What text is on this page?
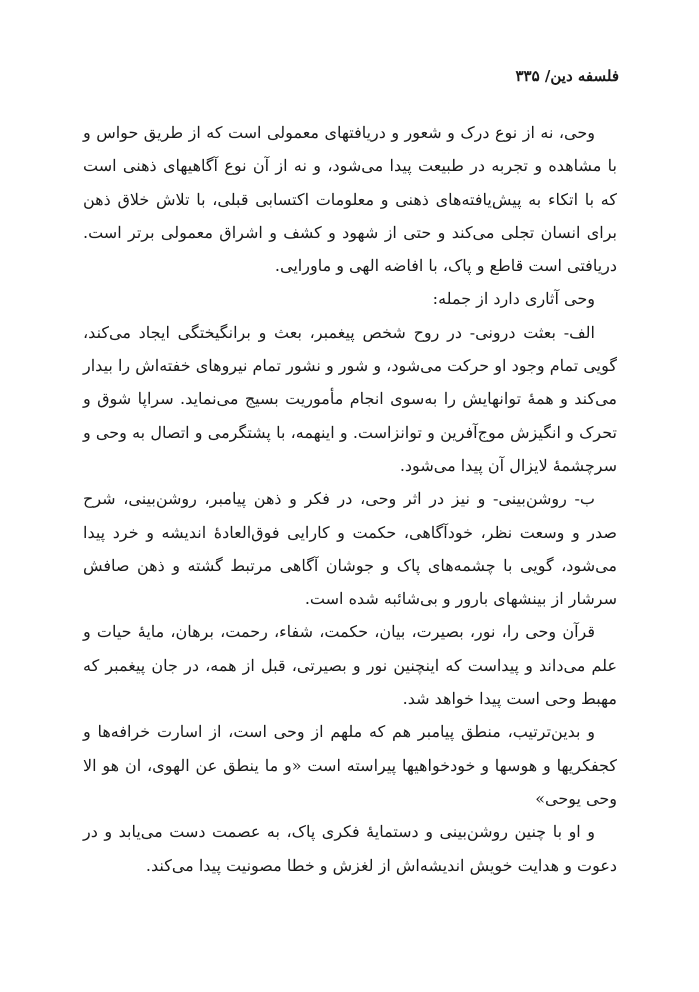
فلسفه دین/ ۳۳۵

وحی، نه از نوع درک و شعور و دریافتهای معمولی است که از طریق حواس و با مشاهده و تجربه در طبیعت پیدا می‌شود، و نه از آن نوع آگاهیهای ذهنی است که با اتکاء به پیش‌یافته‌های ذهنی و معلومات اکتسابی قبلی، با تلاش خلاق ذهن برای انسان تجلی می‌کند و حتی از شهود و کشف و اشراق معمولی برتر است. دریافتی است قاطع و پاک، با افاضه الهی و ماورایی.

وحی آثاری دارد از جمله:

الف- بعثت درونی- در روح شخص پیغمبر، بعث و برانگیختگی ایجاد می‌کند، گویی تمام وجود او حرکت می‌شود، و شور و نشور تمام نیروهای خفته‌اش را بیدار می‌کند و همهٔ توانهایش را به‌سوی انجام مأموریت بسیج می‌نماید. سراپا شوق و تحرک و انگیزش موج‌آفرین و توانزاست. و اینهمه، با پشتگرمی و اتصال به وحی و سرچشمهٔ لایزال آن پیدا می‌شود.

ب- روشن‌بینی- و نیز در اثر وحی، در فکر و ذهن پیامبر، روشن‌بینی، شرح صدر و وسعت نظر، خودآگاهی، حکمت و کارایی فوق‌العادهٔ اندیشه و خرد پیدا می‌شود، گویی با چشمه‌های پاک و جوشان آگاهی مرتبط گشته و ذهن صافش سرشار از بینشهای بارور و بی‌شائبه شده است.

قرآن وحی را، نور، بصیرت، بیان، حکمت، شفاء، رحمت، برهان، مایهٔ حیات و علم می‌داند و پیداست که اینچنین نور و بصیرتی، قبل از همه، در جان پیغمبر که مهبط وحی است پیدا خواهد شد.

و بدین‌ترتیب، منطق پیامبر هم که ملهم از وحی است، از اسارت خرافه‌ها و کجفکریها و هوسها و خودخواهیها پیراسته است «و ما ینطق عن الهوی، ان هو الا وحی یوحی»

و او با چنین روشن‌بینی و دستمایهٔ فکری پاک، به عصمت دست می‌یابد و در دعوت و هدایت خویش اندیشه‌اش از لغزش و خطا مصونیت پیدا می‌کند.
